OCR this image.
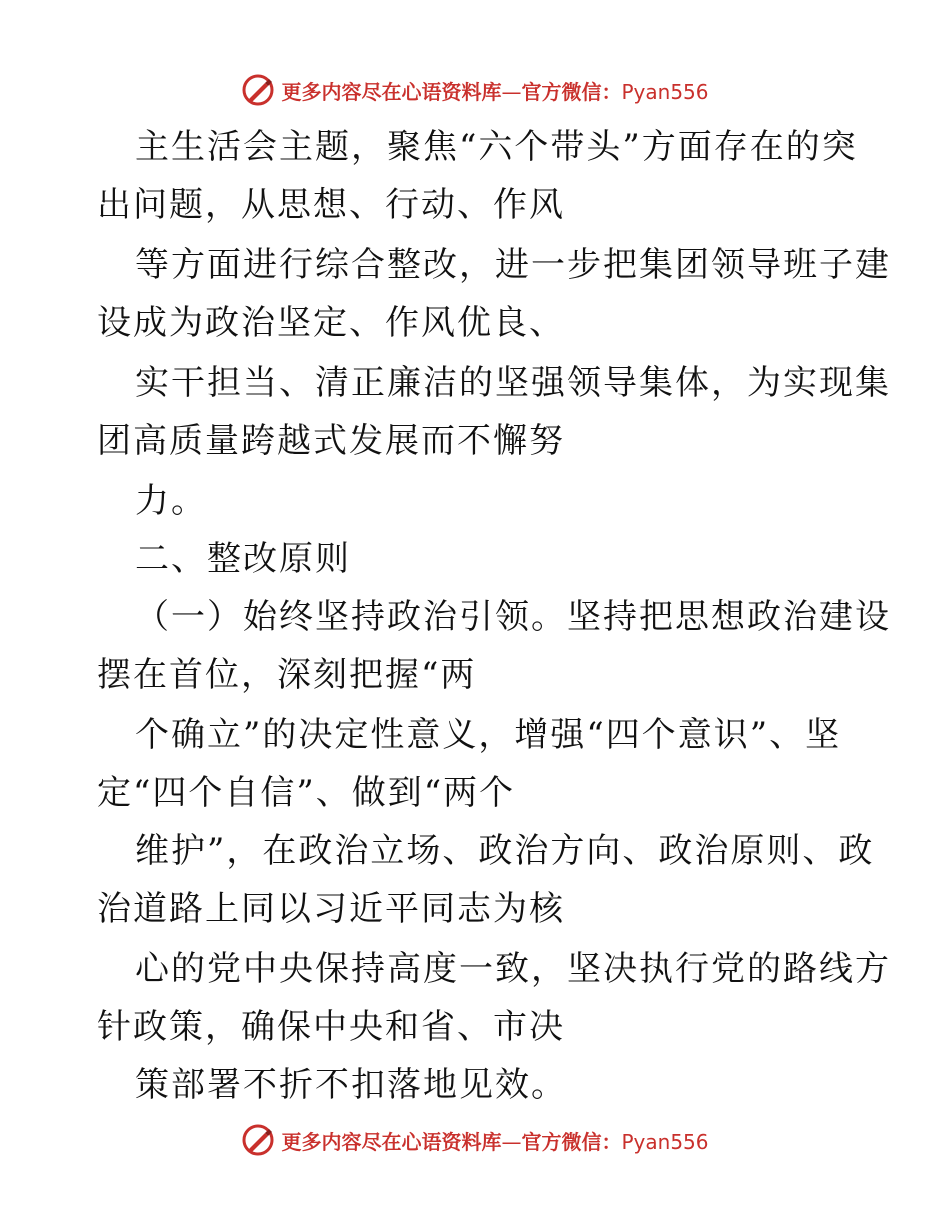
更多内容尽在心语资料库—官方微信：Pyan556
主生活会主题，聚焦“六个带头”方面存在的突
出问题，从思想、行动、作风
等方面进行综合整改，进一步把集团领导班子建
设成为政治坚定、作风优良、
实干担当、清正廉洁的坚强领导集体，为实现集
团高质量跨越式发展而不懈努
力。
二、整改原则
（一）始终坚持政治引领。坚持把思想政治建设
摆在首位，深刻把握“两
个确立”的决定性意义，增强“四个意识”、坚
定“四个自信”、做到“两个
维护”，在政治立场、政治方向、政治原则、政
治道路上同以习近平同志为核
心的党中央保持高度一致，坚决执行党的路线方
针政策，确保中央和省、市决
策部署不折不扣落地见效。
更多内容尽在心语资料库—官方微信：Pyan556
